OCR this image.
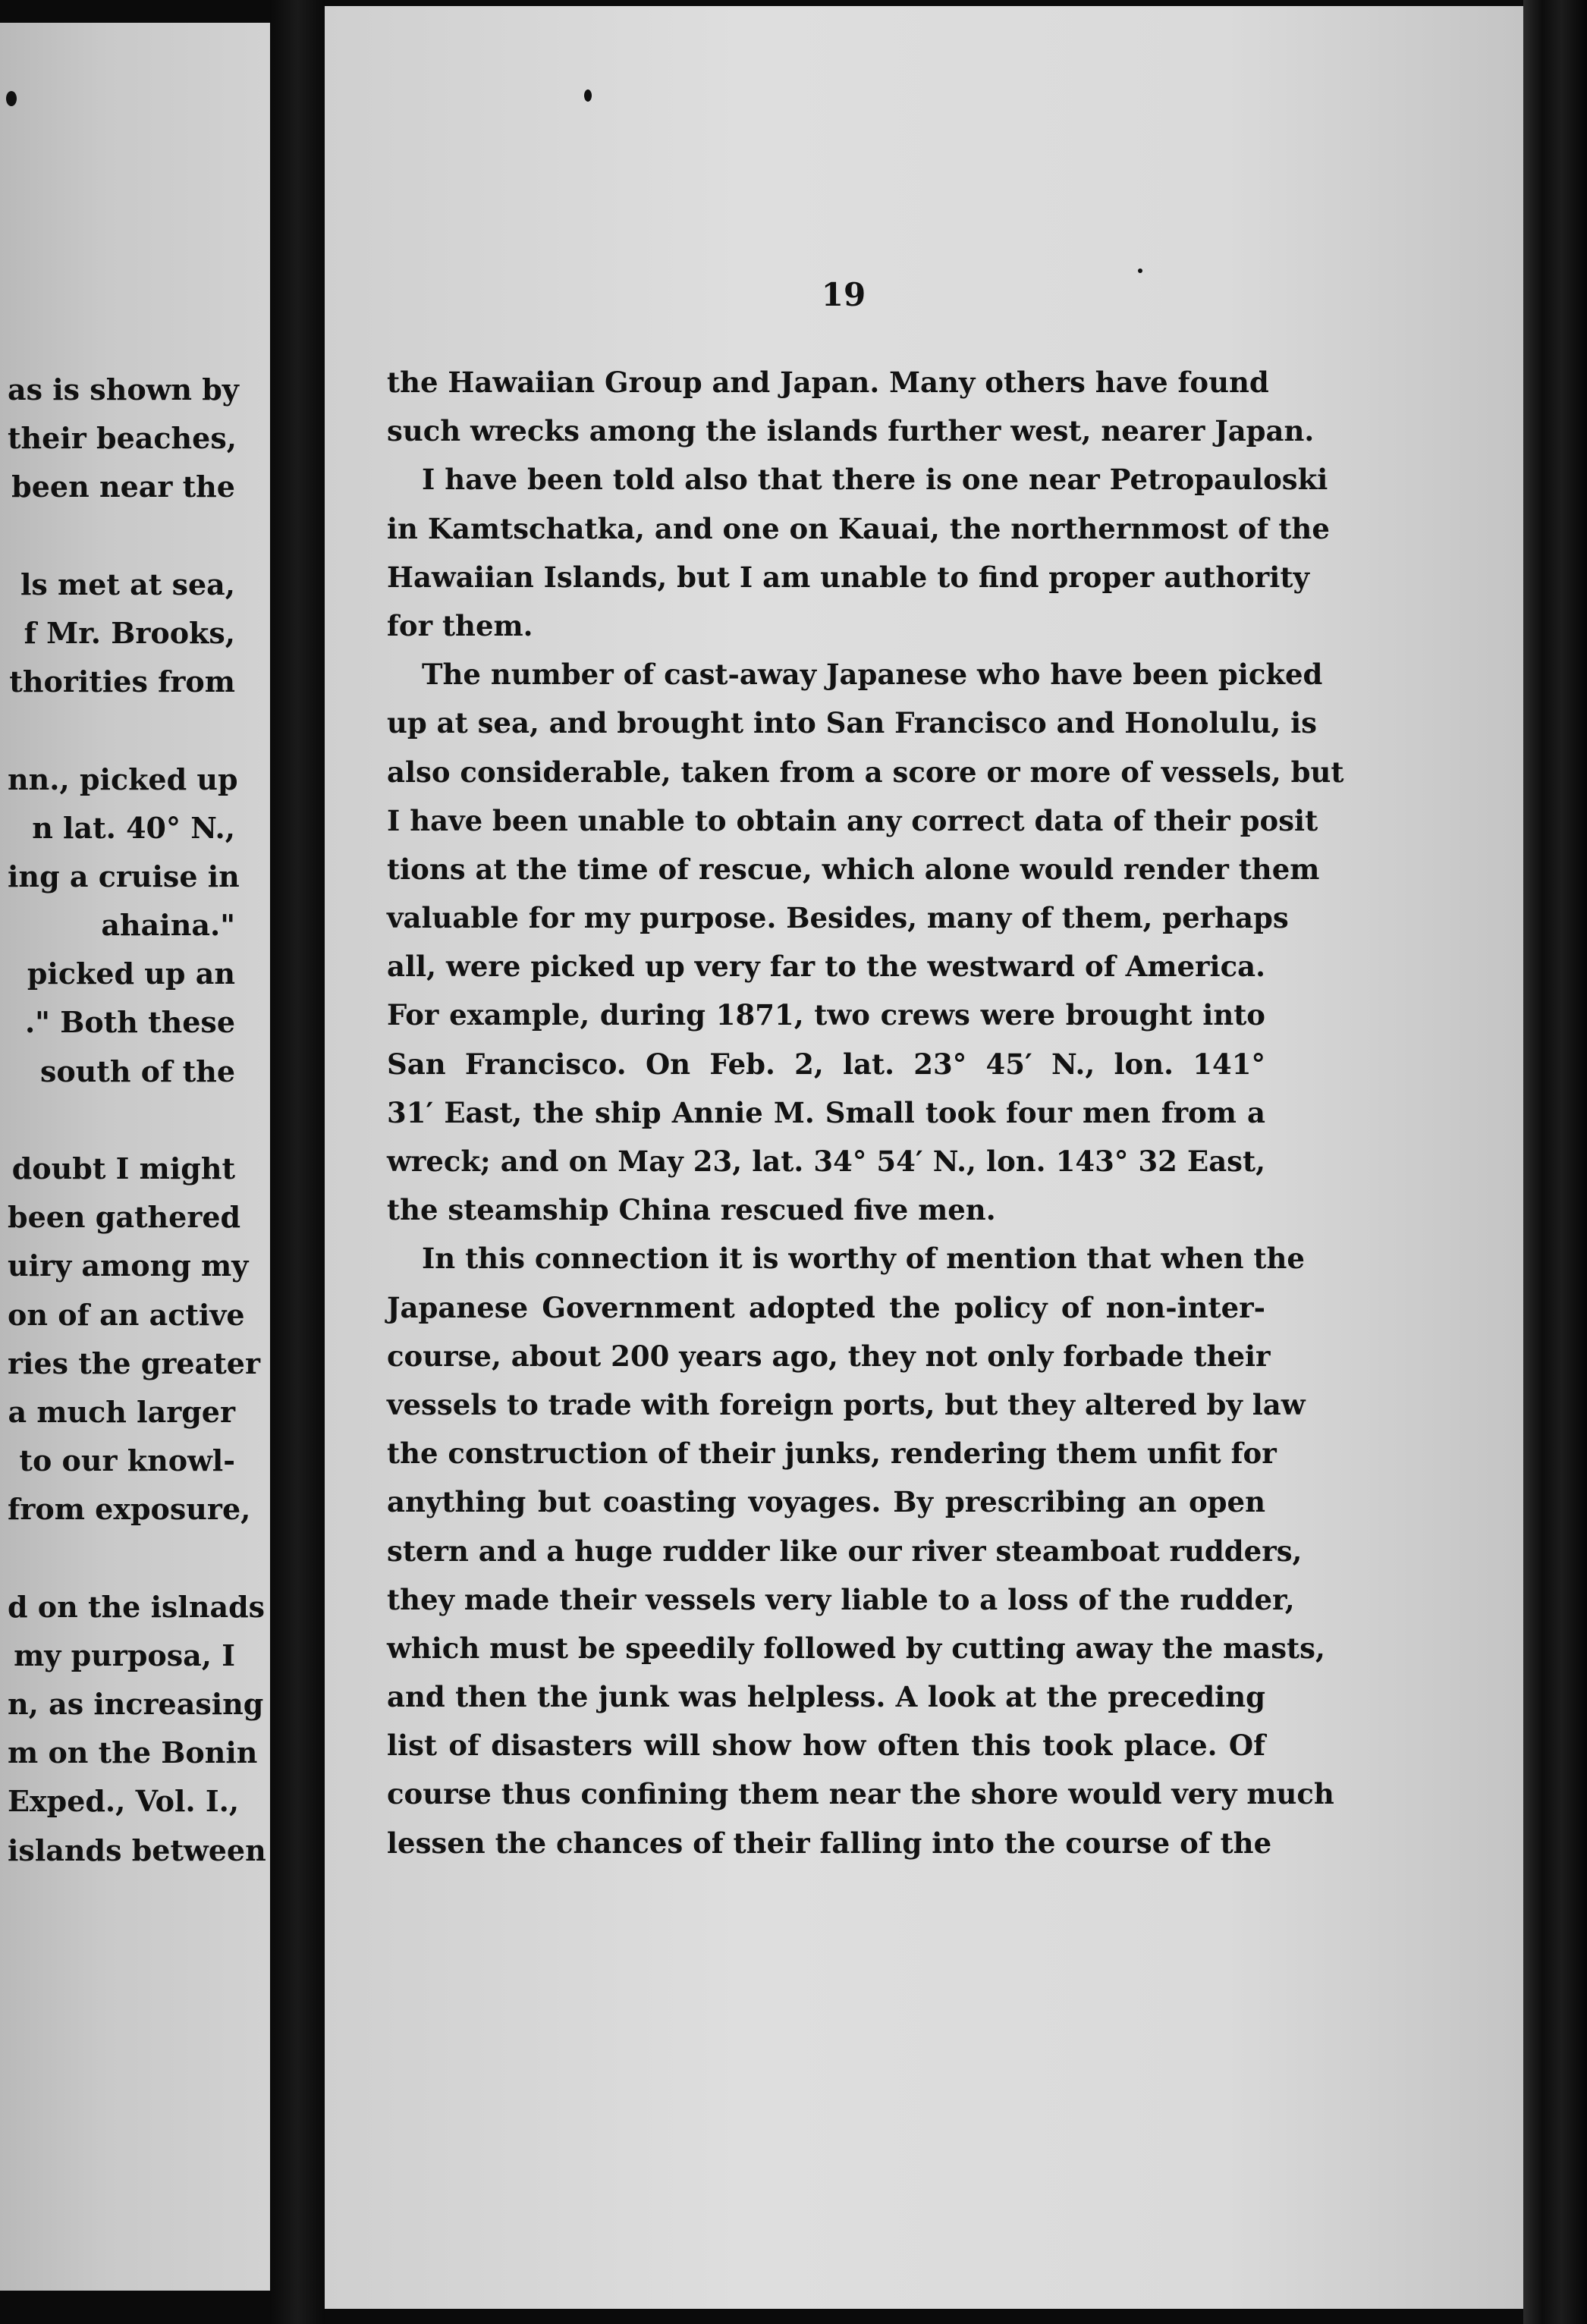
as is shown by
their beaches,
been near the
ls met at sea,
f Mr. Brooks,
thorities from
nn., picked up
n lat. 40° N.,
ing a cruise in
ahaina."
picked up an
." Both these
south of the
doubt I might
been gathered
uiry among my
on of an active
ries the greater
a much larger
to our knowl-
from exposure,
d on the islnads
my purposa, I
n, as increasing
m on the Bonin
Exped., Vol. I.,
islands between
19
the Hawaiian Group and Japan. Many others have found
such wrecks among the islands further west, nearer Japan.
I have been told also that there is one near Petropauloski
in Kamtschatka, and one on Kauai, the northernmost of the
Hawaiian Islands, but I am unable to find proper authority
for them.
The number of cast-away Japanese who have been picked
up at sea, and brought into San Francisco and Honolulu, is
also considerable, taken from a score or more of vessels, but
I have been unable to obtain any correct data of their posit
tions at the time of rescue, which alone would render them
valuable for my purpose. Besides, many of them, perhaps
all, were picked up very far to the westward of America.
For example, during 1871, two crews were brought into
San Francisco. On Feb. 2, lat. 23° 45′ N., lon. 141°
31′ East, the ship Annie M. Small took four men from a
wreck; and on May 23, lat. 34° 54′ N., lon. 143° 32 East,
the steamship China rescued five men.
In this connection it is worthy of mention that when the
Japanese Government adopted the policy of non-inter-
course, about 200 years ago, they not only forbade their
vessels to trade with foreign ports, but they altered by law
the construction of their junks, rendering them unfit for
anything but coasting voyages. By prescribing an open
stern and a huge rudder like our river steamboat rudders,
they made their vessels very liable to a loss of the rudder,
which must be speedily followed by cutting away the masts,
and then the junk was helpless. A look at the preceding
list of disasters will show how often this took place. Of
course thus confining them near the shore would very much
lessen the chances of their falling into the course of the
